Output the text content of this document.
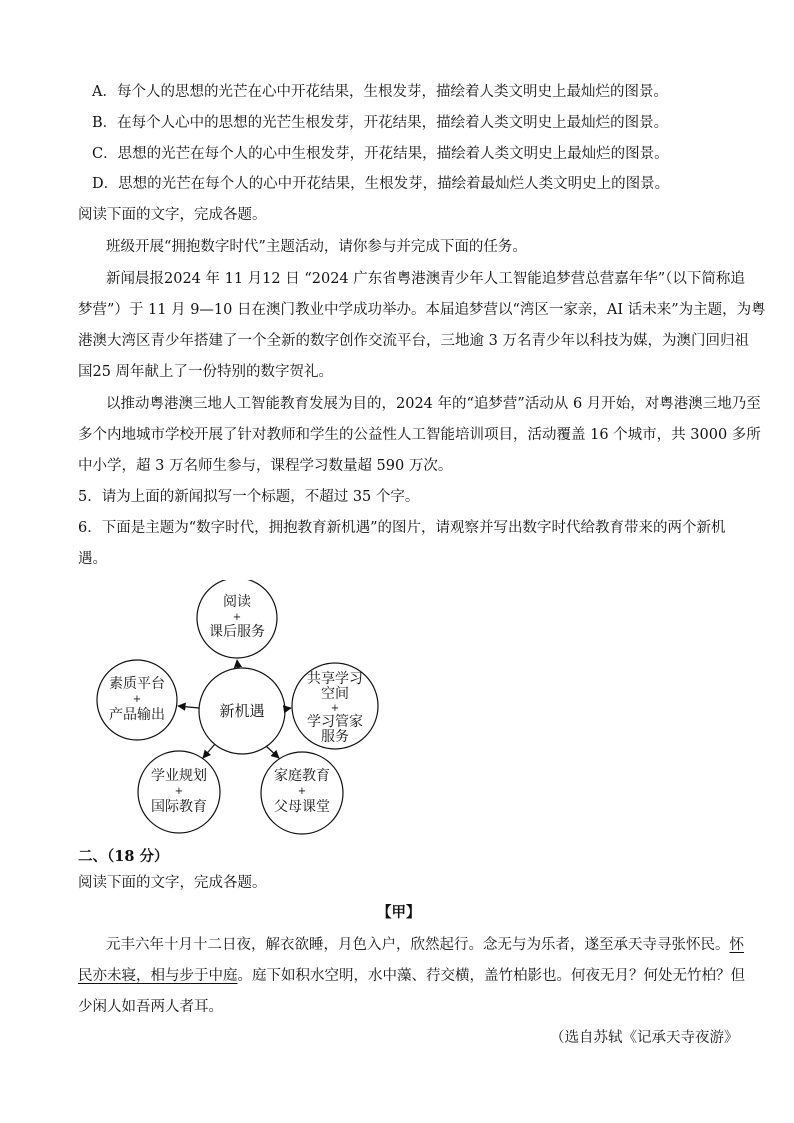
A．每个人的思想的光芒在心中开花结果，生根发芽，描绘着人类文明史上最灿烂的图景。
B．在每个人心中的思想的光芒生根发芽，开花结果，描绘着人类文明史上最灿烂的图景。
C．思想的光芒在每个人的心中生根发芽，开花结果，描绘着人类文明史上最灿烂的图景。
D．思想的光芒在每个人的心中开花结果，生根发芽，描绘着最灿烂人类文明史上的图景。
阅读下面的文字，完成各题。
班级开展“拥抱数字时代”主题活动，请你参与并完成下面的任务。
新闻晨报2024 年 11 月12 日 “2024 广东省粤港澳青少年人工智能追梦营总营嘉年华”（以下简称追
梦营”）于 11 月 9—10 日在澳门教业中学成功举办。本届追梦营以“湾区一家亲，AI 话未来”为主题，为粤
港澳大湾区青少年搭建了一个全新的数字创作交流平台，三地逾 3 万名青少年以科技为媒，为澳门回归祖
国25 周年献上了一份特别的数字贺礼。
以推动粤港澳三地人工智能教育发展为目的，2024 年的“追梦营”活动从 6 月开始，对粤港澳三地乃至
多个内地城市学校开展了针对教师和学生的公益性人工智能培训项目，活动覆盖 16 个城市，共 3000 多所
中小学，超 3 万名师生参与，课程学习数量超 590 万次。
5．请为上面的新闻拟写一个标题，不超过 35 个字。
6．下面是主题为“数字时代，拥抱教育新机遇”的图片，请观察并写出数字时代给教育带来的两个新机
遇。
新机遇
阅读
+
课后服务
素质平台
+
产品输出
共享学习
空间
+
学习管家
服务
学业规划
+
国际教育
家庭教育
+
父母课堂
二、（18 分）
阅读下面的文字，完成各题。
【甲】
元丰六年十月十二日夜，解衣欲睡，月色入户，欣然起行。念无与为乐者，遂至承天寺寻张怀民。怀
民亦未寝，相与步于中庭。庭下如积水空明，水中藻、荇交横，盖竹柏影也。何夜无月？何处无竹柏？但
少闲人如吾两人者耳。
（选自苏轼《记承天寺夜游》
